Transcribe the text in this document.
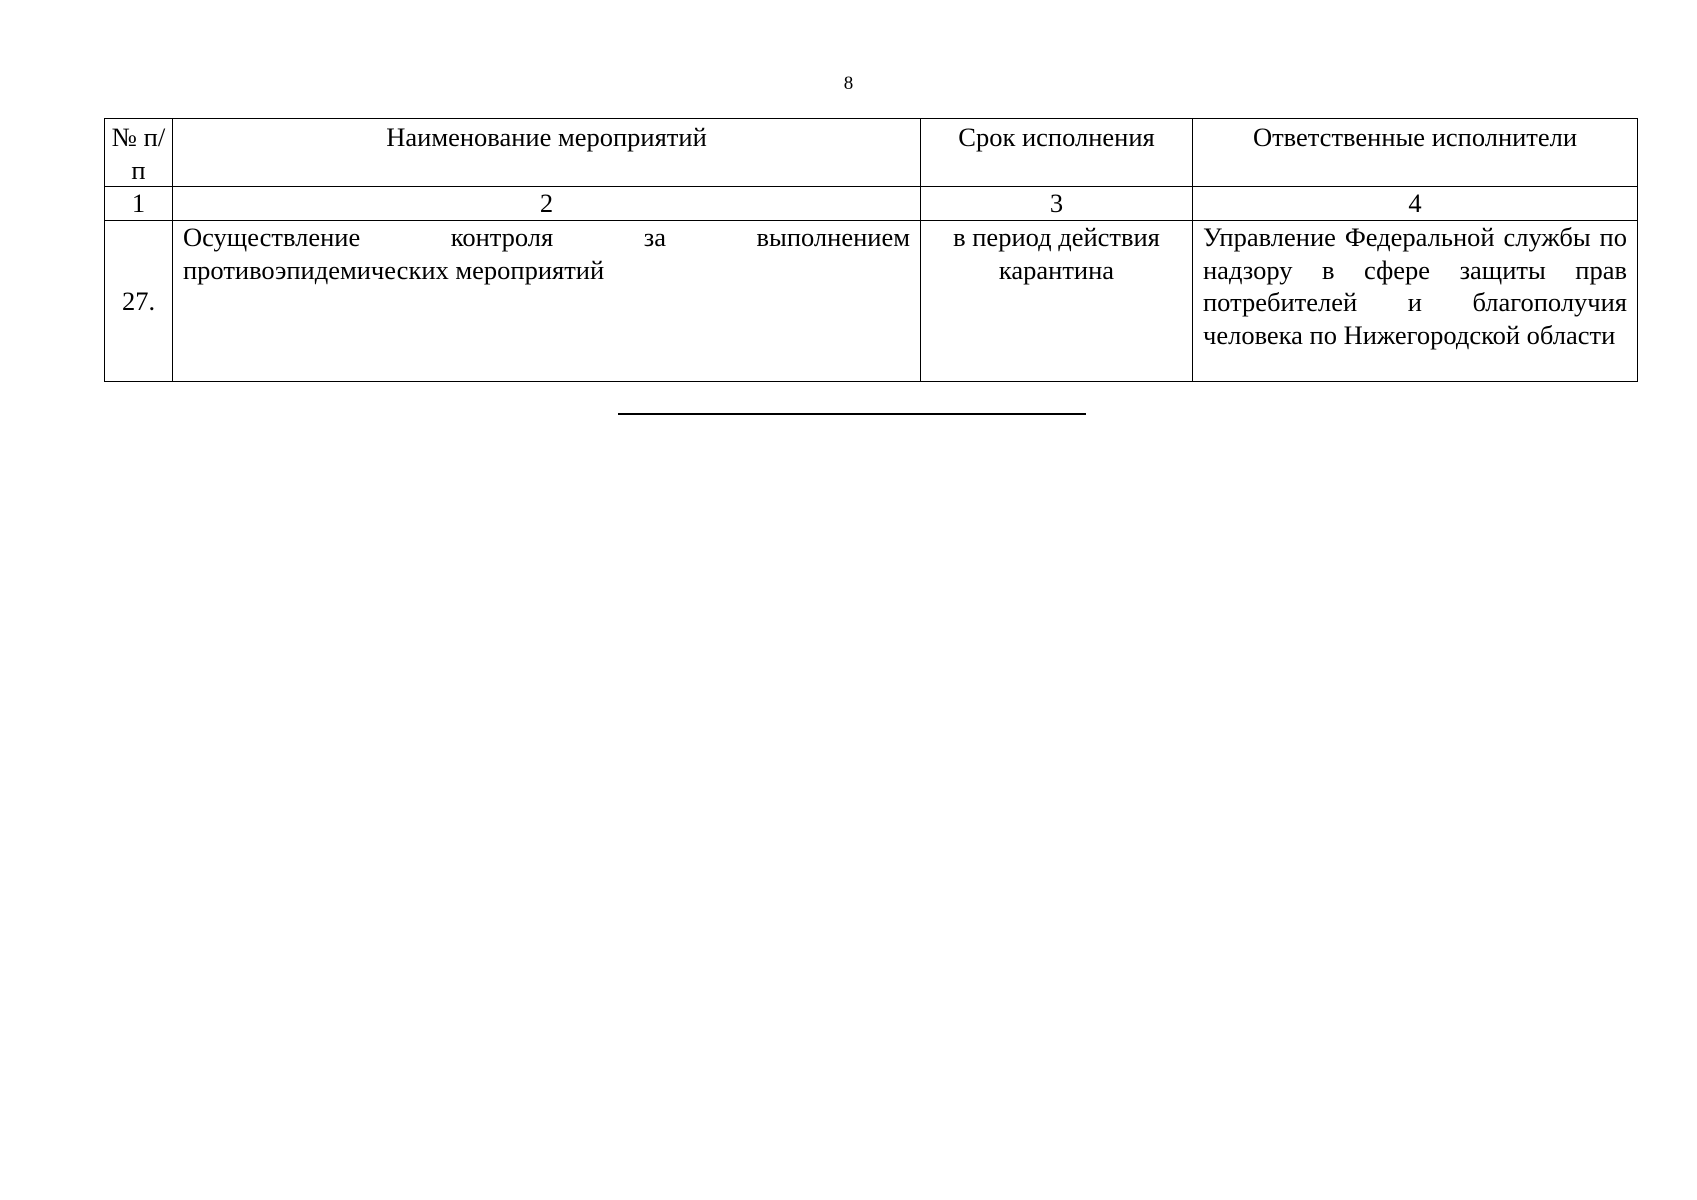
8
№ п/п	Наименование мероприятий	Срок исполнения	Ответственные исполнители
1	2	3	4
27.	Осуществление контроля за выполнением противоэпидемических мероприятий	в период действия карантина	Управление Федеральной службы по надзору в сфере защиты прав потребителей и благополучия человека по Нижегородской области
